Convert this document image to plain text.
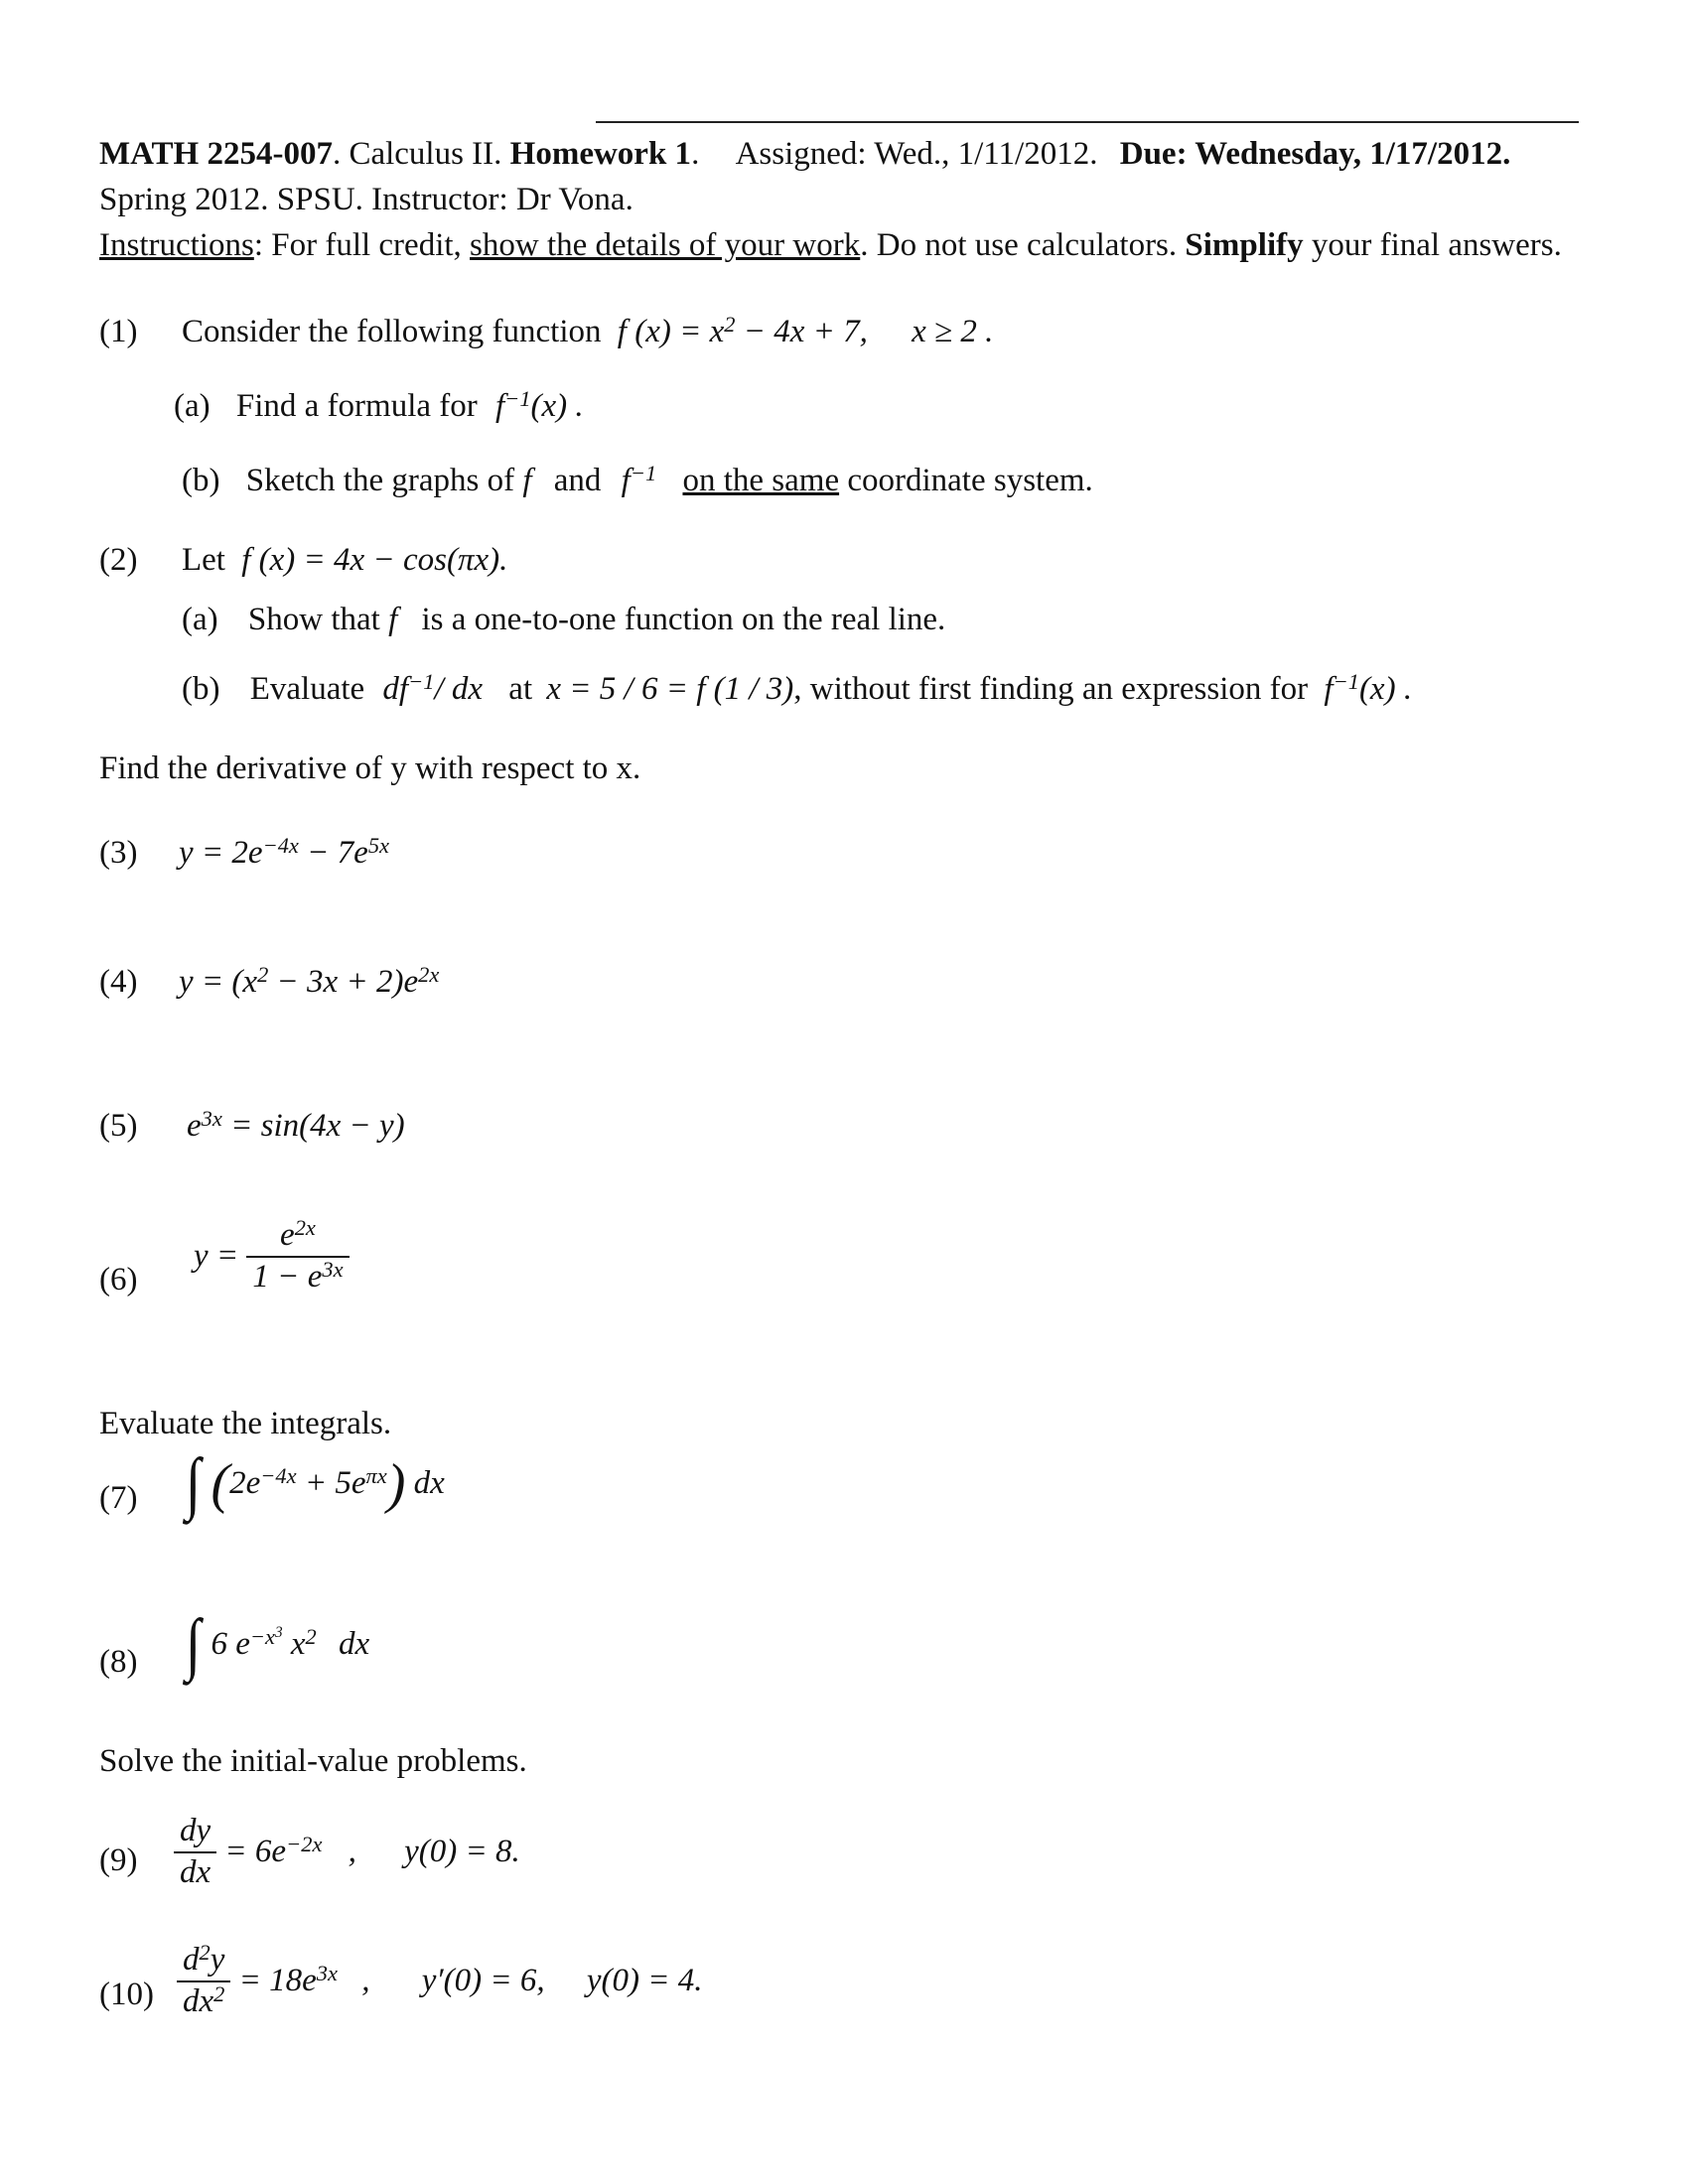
MATH 2254-007. Calculus II. Homework 1. Assigned: Wed., 1/11/2012. Due: Wednesday, 1/17/2012.
Spring 2012. SPSU. Instructor: Dr Vona.
Instructions: For full credit, show the details of your work. Do not use calculators. Simplify your final answers.
(1) Consider the following function f $(x) = x^2 - 4x + 7$, x ≥ 2 .
(a) Find a formula for $f^{-1}(x)$ .
(b) Sketch the graphs of f and $f^{-1}$ on the same coordinate system.
(2) Let f (x) = 4x − cos(πx).
(a) Show that f is a one-to-one function on the real line.
(b) Evaluate $df^{-1}/$ dx at x = 5 / 6 = f (1 / 3), without first finding an expression for $f^{-1}(x)$ .
Find the derivative of y with respect to x.
(3) $y = 2e^{-4x} - 7e^{5x}$
(4) $y = (x^2 - 3x + 2)e^{2x}$
(5) $e^{3x} = \sin(4x - y)$
(6)
$y = \frac{e^{2x}}{1 - e^{3x}}$
Evaluate the integrals.
(7) ∫ $(2e^{-4x} + 5e^{\pi x})$ dx
(8) ∫ 6 $e^{-x^3}$ $x^2$ dx
Solve the initial-value problems.
$(9) \frac{dy}{dx} = 6e^{-2x}$ , y(0) = 8.
$(10) \frac{d^2y}{dx^2} = 18e^{3x}$ , y′(0) = 6, y(0) = 4.
